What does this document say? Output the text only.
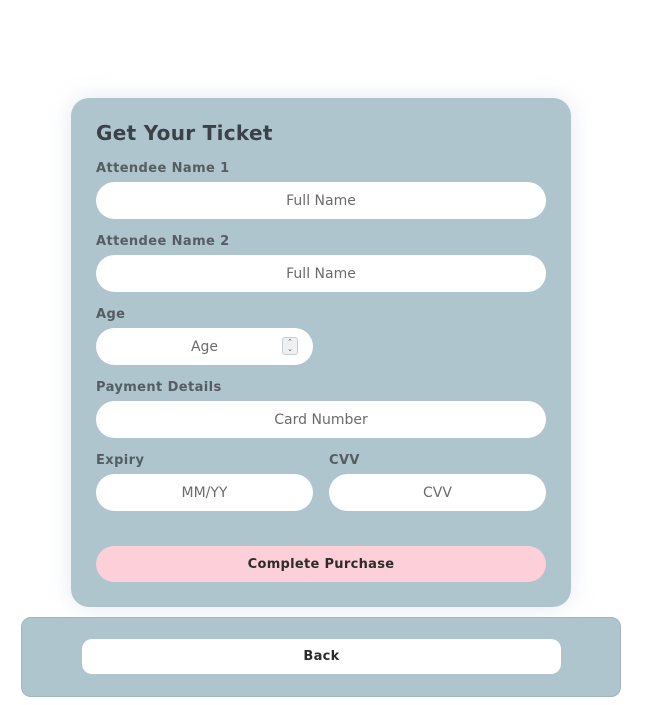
Get Your Ticket
Attendee Name 1
Full Name
Attendee Name 2
Full Name
Age
Age	⌃
⌄
Payment Details
Card Number
Expiry	CVV
MM/YY	CVV
Complete Purchase
Back
